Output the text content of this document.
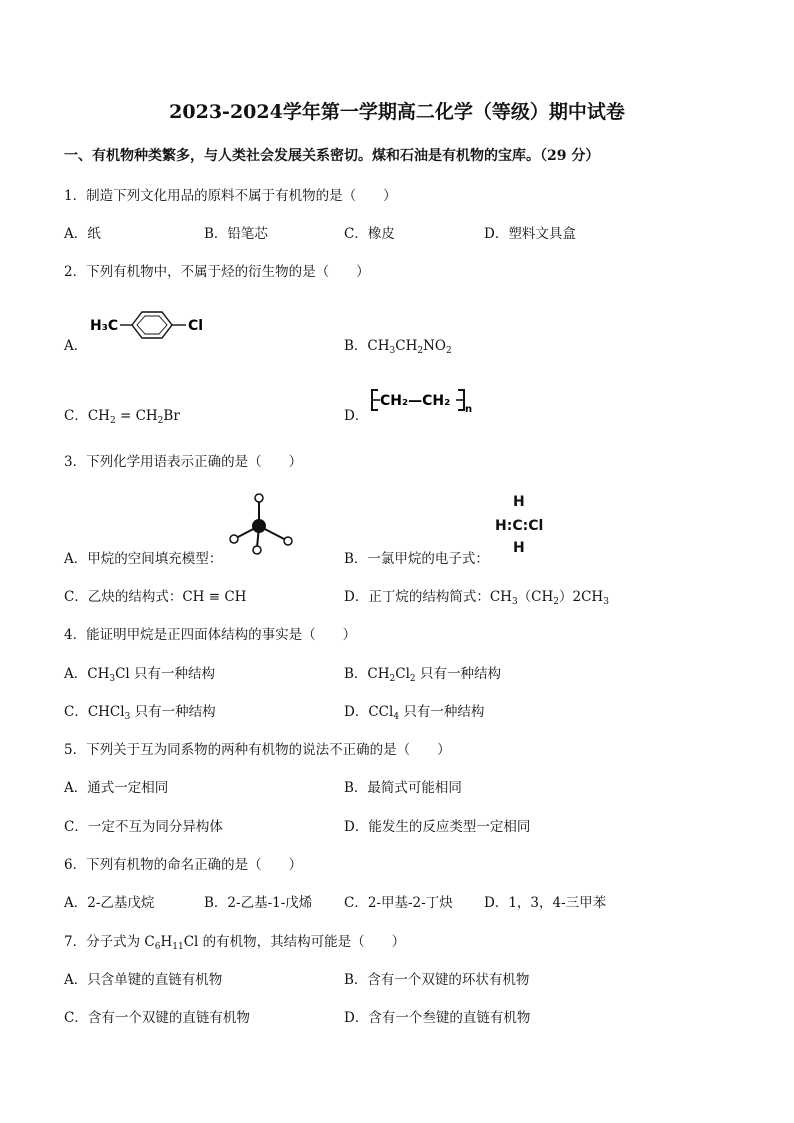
2023-2024学年第一学期高二化学（等级）期中试卷
一、有机物种类繁多，与人类社会发展关系密切。煤和石油是有机物的宝库。（29 分）
1．制造下列文化用品的原料不属于有机物的是（　　）
A．纸	B．铅笔芯	C．橡皮	D．塑料文具盒
2．下列有机物中，不属于烃的衍生物的是（　　）
A．
H₃C	Cl
B．$CH_3CH_2NO_2$
C．$CH_2 = CH_2Br$	D．
CH₂—CH₂
n
3．下列化学用语表示正确的是（　　）
A．甲烷的空间填充模型：	B．一氯甲烷的电子式：
H
H:C:Cl
H
C．乙炔的结构式：CH ≡ CH	D．正丁烷的结构简式：$CH_3(CH_2)2CH_3$
4．能证明甲烷是正四面体结构的事实是（　　）
A．$CH_3Cl$ 只有一种结构	B．$CH_2Cl_2$ 只有一种结构
C．CHCl$_3$ 只有一种结构	D．CCl$_4$ 只有一种结构
5．下列关于互为同系物的两种有机物的说法不正确的是（　　）
A．通式一定相同	B．最简式可能相同
C．一定不互为同分异构体	D．能发生的反应类型一定相同
6．下列有机物的命名正确的是（　　）
A．2-乙基戊烷	B．2-乙基-1-戊烯 C．2-甲基-2-丁炔 D．1，3，4-三甲苯
7．分子式为 $C_6H_{11}Cl$ 的有机物，其结构可能是（　　）
A．只含单键的直链有机物	B．含有一个双键的环状有机物
C．含有一个双键的直链有机物	D．含有一个叁键的直链有机物
